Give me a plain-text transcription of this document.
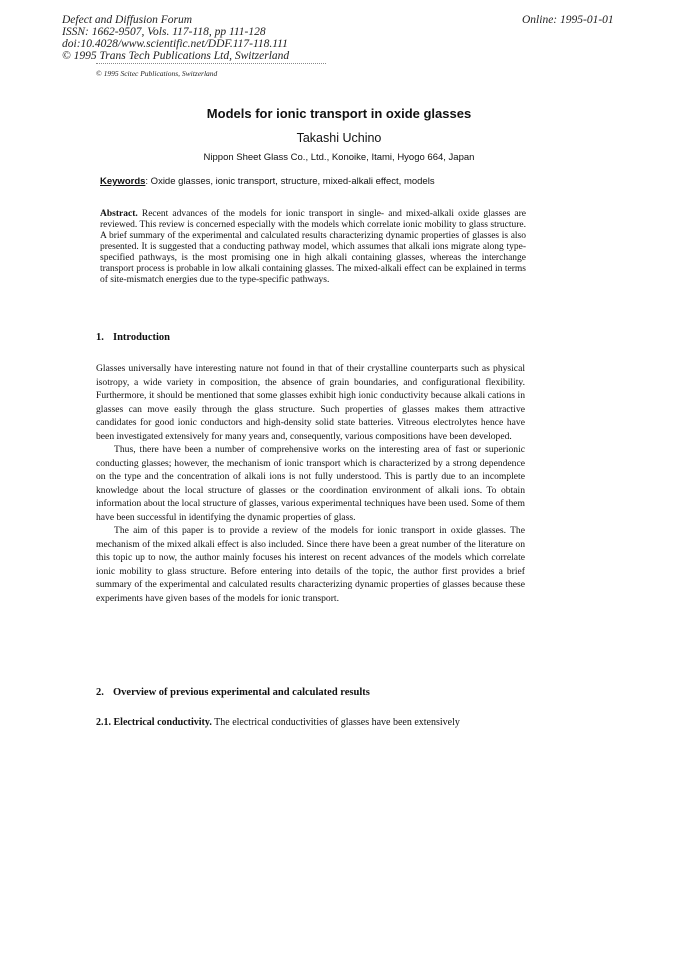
Defect and Diffusion Forum
ISSN: 1662-9507, Vols. 117-118, pp 111-128
doi:10.4028/www.scientific.net/DDF.117-118.111
© 1995 Trans Tech Publications Ltd, Switzerland
Online: 1995-01-01
© 1995 Scitec Publications, Switzerland
Models for ionic transport in oxide glasses
Takashi Uchino
Nippon Sheet Glass Co., Ltd., Konoike, Itami, Hyogo 664, Japan
Keywords: Oxide glasses, ionic transport, structure, mixed-alkali effect, models
Abstract. Recent advances of the models for ionic transport in single- and mixed-alkali oxide glasses are reviewed. This review is concerned especially with the models which correlate ionic mobility to glass structure. A brief summary of the experimental and calculated results characterizing dynamic properties of glasses is also presented. It is suggested that a conducting pathway model, which assumes that alkali ions migrate along type-specified pathways, is the most promising one in high alkali containing glasses, whereas the interchange transport process is probable in low alkali containing glasses. The mixed-alkali effect can be explained in terms of site-mismatch energies due to the type-specific pathways.
1. Introduction

Glasses universally have interesting nature not found in that of their crystalline counterparts such as physical isotropy, a wide variety in composition, the absence of grain boundaries, and configurational flexibility. Furthermore, it should be mentioned that some glasses exhibit high ionic conductivity because alkali cations in glasses can move easily through the glass structure. Such properties of glasses makes them attractive candidates for good ionic conductors and high-density solid state batteries. Vitreous electrolytes hence have been investigated extensively for many years and, consequently, various compositions have been developed.

Thus, there have been a number of comprehensive works on the interesting area of fast or superionic conducting glasses; however, the mechanism of ionic transport which is characterized by a strong dependence on the type and the concentration of alkali ions is not fully understood. This is partly due to an incomplete knowledge about the local structure of glasses or the coordination environment of alkali ions. To obtain information about the local structure of glasses, various experimental techniques have been used. Some of them have been successful in identifying the dynamic properties of glass.

The aim of this paper is to provide a review of the models for ionic transport in oxide glasses. The mechanism of the mixed alkali effect is also included. Since there have been a great number of the literature on this topic up to now, the author mainly focuses his interest on recent advances of the models which correlate ionic mobility to glass structure. Before entering into details of the topic, the author first provides a brief summary of the experimental and calculated results characterizing dynamic properties of glasses because these experiments have given bases of the models for ionic transport.

2. Overview of previous experimental and calculated results

2.1. Electrical conductivity. The electrical conductivities of glasses have been extensively
